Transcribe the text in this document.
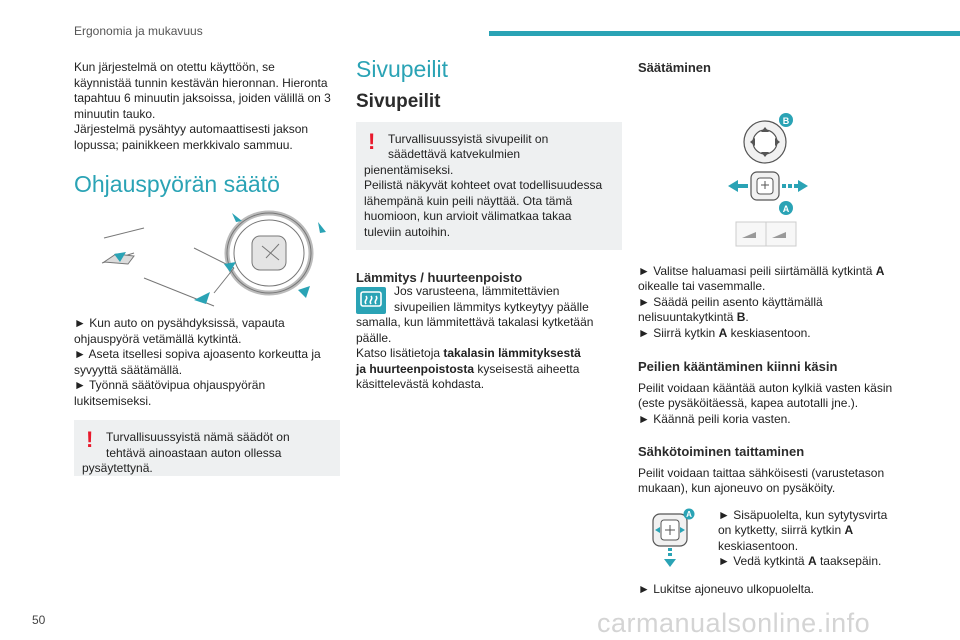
Ergonomia ja mukavuus

Kun järjestelmä on otettu käyttöön, se

käynnistää tunnin kestävän hieronnan. Hieronta

tapahtuu 6 minuutin jaksoissa, joiden välillä on 3

minuutin tauko.

Järjestelmä pysähtyy automaattisesti jakson

lopussa; painikkeen merkkivalo sammuu.

Ohjauspyörän säätö

► Kun auto on pysähdyksissä, vapauta

ohjauspyörä vetämällä kytkintä.

► Aseta itsellesi sopiva ajoasento korkeutta ja

syvyyttä säätämällä.

► Työnnä säätövipua ohjauspyörän

lukitsemiseksi.

!	Turvallisuussyistä nämä säädöt on

tehtävä ainoastaan auton ollessa

pysäytettynä.

Sivupeilit
Sivupeilit
!	Turvallisuussyistä sivupeilit on

säädettävä katvekulmien

pienentämiseksi.

Peilistä näkyvät kohteet ovat todellisuudessa

lähempänä kuin peili näyttää. Ota tämä

huomioon, kun arvioit välimatkaa takaa

tuleviin autoihin.

Lämmitys / huurteenpoisto

Jos varusteena, lämmitettävien

sivupeilien lämmitys kytkeytyy päälle

samalla, kun lämmitettävä takalasi kytketään

päälle.

Katso lisätietoja takalasin lämmityksestä

ja huurteenpoistosta kyseisestä aiheetta

käsittelevästä kohdasta.

Säätäminen
B
A

► Valitse haluamasi peili siirtämällä kytkintä A

oikealle tai vasemmalle.

► Säädä peilin asento käyttämällä

nelisuuntakytkintä B.

► Siirrä kytkin A keskiasentoon.

Peilien kääntäminen kiinni käsin

Peilit voidaan kääntää auton kylkiä vasten käsin

(este pysäköitäessä, kapea autotalli jne.).

► Käännä peili koria vasten.

Sähkötoiminen taittaminen

Peilit voidaan taittaa sähköisesti (varustetason

mukaan), kun ajoneuvo on pysäköity.

A ► Sisäpuolelta, kun sytytysvirta

on kytketty, siirrä kytkin A

keskiasentoon.

► Vedä kytkintä A taaksepäin.

► Lukitse ajoneuvo ulkopuolelta.

50	carmanualsonline.info
